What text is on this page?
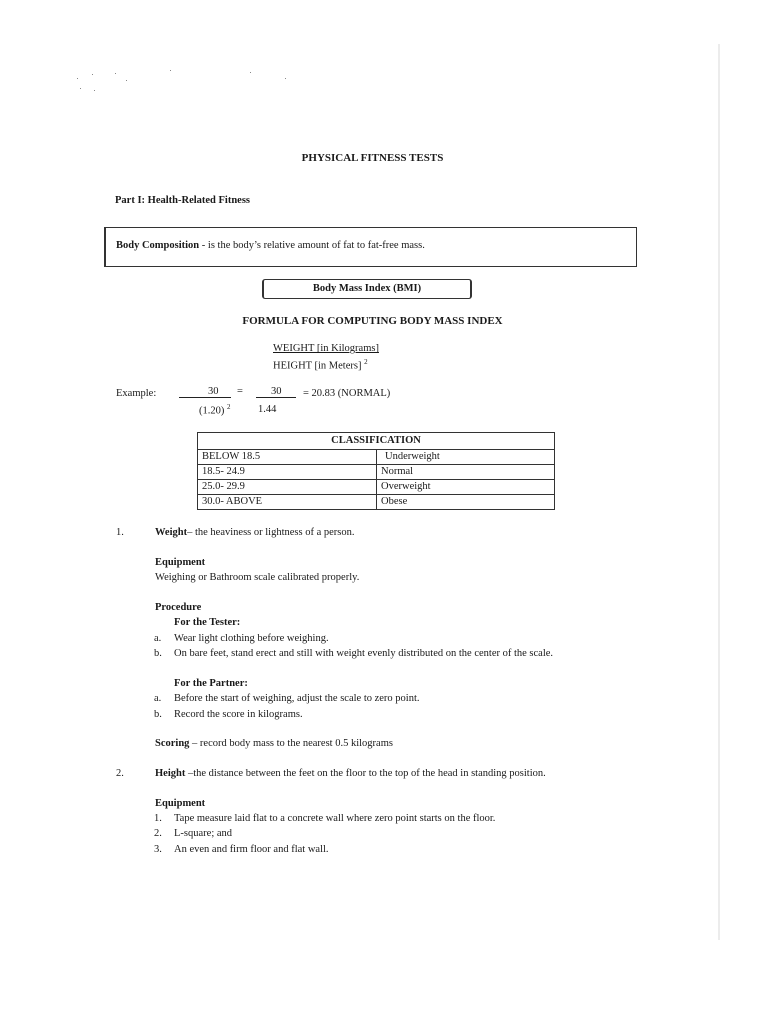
PHYSICAL FITNESS TESTS
Part I: Health-Related Fitness
Body Composition - is the body’s relative amount of fat to fat-free mass.
Body Mass Index (BMI)
FORMULA FOR COMPUTING BODY MASS INDEX
WEIGHT [in Kilograms]
HEIGHT [in Meters] $^2$
Example:	30 =	30 = 20.83 (NORMAL)
(1.20) $^2$	1.44
CLASSIFICATION	
BELOW 18.5	Underweight
18.5- 24.9	Normal
25.0- 29.9	Overweight
30.0- ABOVE	Obese
1.	Weight– the heaviness or lightness of a person.
Equipment
Weighing or Bathroom scale calibrated properly.
Procedure
For the Tester:
a. Wear light clothing before weighing.
b. On bare feet, stand erect and still with weight evenly distributed on the center of the scale.
For the Partner:
a. Before the start of weighing, adjust the scale to zero point.
b. Record the score in kilograms.
Scoring – record body mass to the nearest 0.5 kilograms
2.	Height –the distance between the feet on the floor to the top of the head in standing position.
Equipment
1. Tape measure laid flat to a concrete wall where zero point starts on the floor.
2. L-square; and
3. An even and firm floor and flat wall.
